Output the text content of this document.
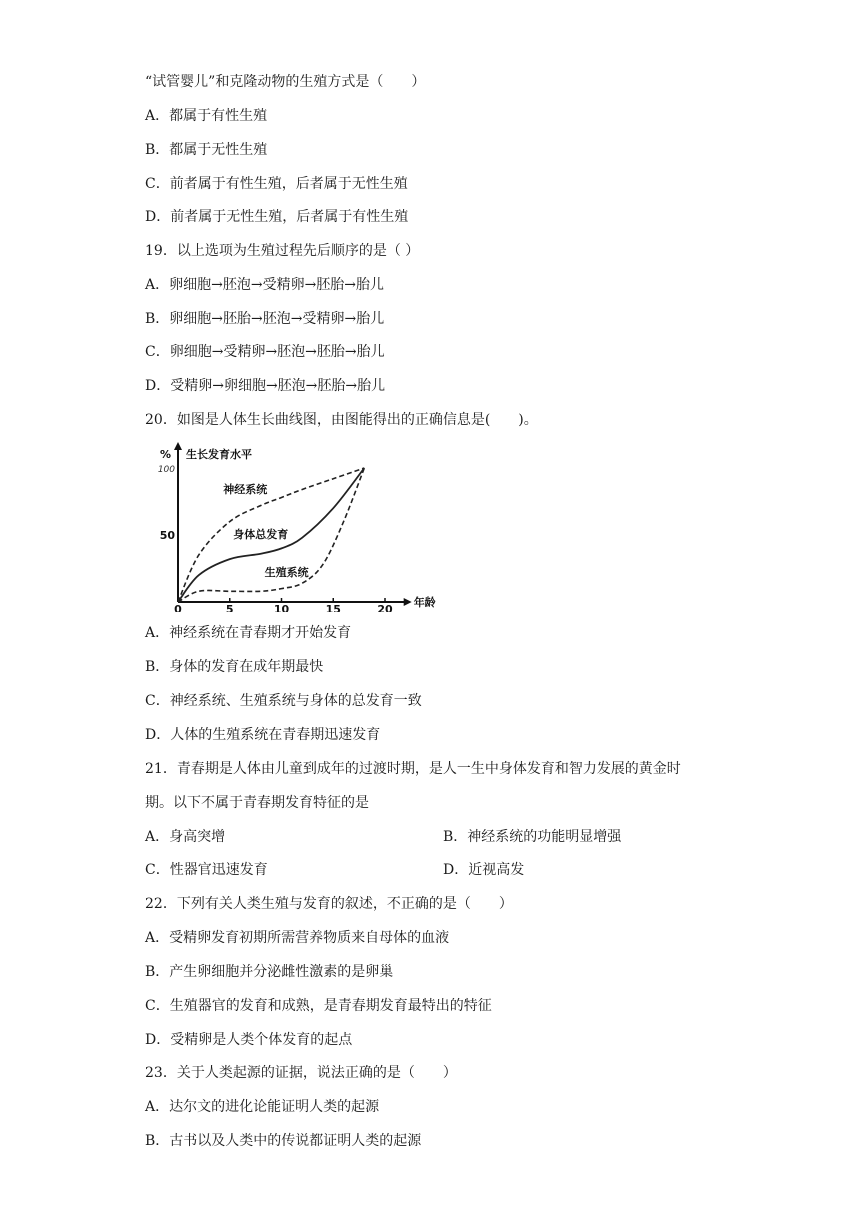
“试管婴儿”和克隆动物的生殖方式是（　　）
A．都属于有性生殖
B．都属于无性生殖
C．前者属于有性生殖，后者属于无性生殖
D．前者属于无性生殖，后者属于有性生殖
19．以上选项为生殖过程先后顺序的是（ ）
A．卵细胞→胚泡→受精卵→胚胎→胎儿
B．卵细胞→胚胎→胚泡→受精卵→胎儿
C．卵细胞→受精卵→胚泡→胚胎→胎儿
D．受精卵→卵细胞→胚泡→胚胎→胎儿
20．如图是人体生长曲线图，由图能得出的正确信息是(　　)。
0	5	10	15	20
50
100
% 生长发育水平
年龄
神经系统
身体总发育
生殖系统
A．神经系统在青春期才开始发育
B．身体的发育在成年期最快
C．神经系统、生殖系统与身体的总发育一致
D．人体的生殖系统在青春期迅速发育
21．青春期是人体由儿童到成年的过渡时期，是人一生中身体发育和智力发展的黄金时
期。以下不属于青春期发育特征的是
A．身高突增	B．神经系统的功能明显增强
C．性器官迅速发育	D．近视高发
22．下列有关人类生殖与发育的叙述，不正确的是（　　）
A．受精卵发育初期所需营养物质来自母体的血液
B．产生卵细胞并分泌雌性激素的是卵巢
C．生殖器官的发育和成熟，是青春期发育最特出的特征
D．受精卵是人类个体发育的起点
23．关于人类起源的证据，说法正确的是（　　）
A．达尔文的进化论能证明人类的起源
B．古书以及人类中的传说都证明人类的起源
